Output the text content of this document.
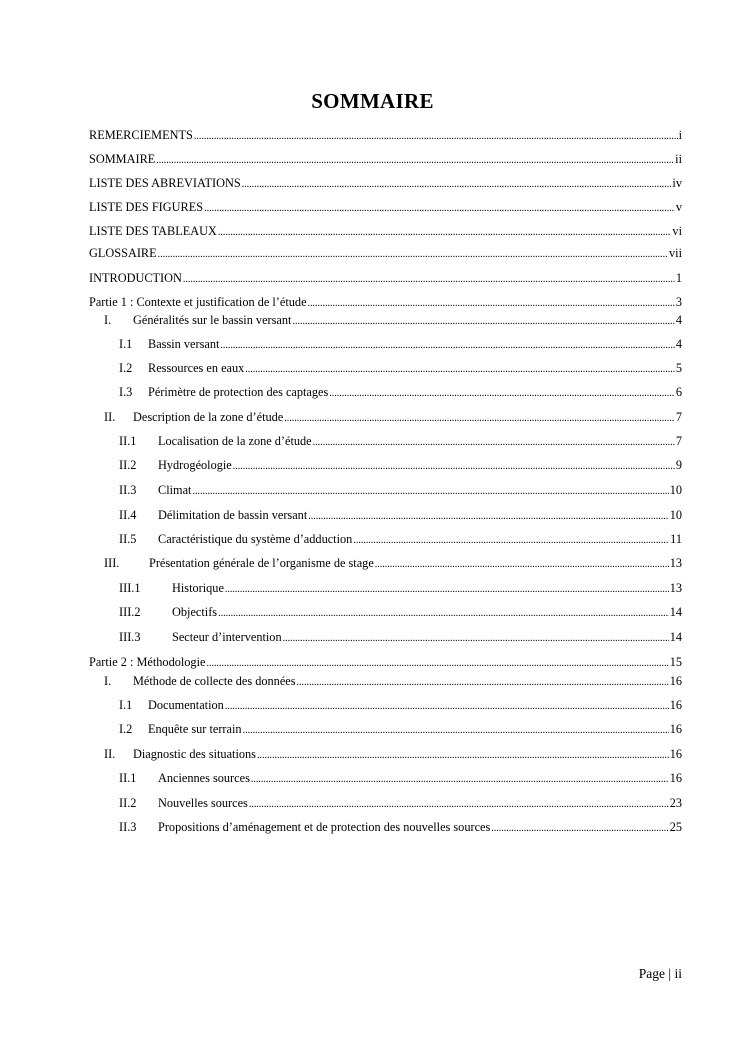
SOMMAIRE
REMERCIEMENTS .....	i
SOMMAIRE .....	ii
LISTE DES ABREVIATIONS .....	iv
LISTE DES FIGURES .....	v
LISTE DES TABLEAUX .....	vi
GLOSSAIRE .....	vii
INTRODUCTION .....	1
Partie 1 : Contexte et justification de l’étude .....	3
I.	Généralités sur le bassin versant .....	4
I.1	Bassin versant .....	4
I.2	Ressources en eaux .....	5
I.3	Périmètre de protection des captages .....	6
II.	Description de la zone d’étude .....	7
II.1	Localisation de la zone d’étude .....	7
II.2	Hydrogéologie .....	9
II.3	Climat .....	10
II.4	Délimitation de bassin versant .....	10
II.5	Caractéristique du système d’adduction .....	11
III.	Présentation générale de l’organisme de stage .....	13
III.1	Historique .....	13
III.2	Objectifs .....	14
III.3	Secteur d’intervention .....	14
Partie 2 : Méthodologie .....	15
I.	Méthode de collecte des données .....	16
I.1	Documentation .....	16
I.2	Enquête sur terrain .....	16
II.	Diagnostic des situations .....	16
II.1	Anciennes sources .....	16
II.2	Nouvelles sources .....	23
II.3	Propositions d’aménagement et de protection des nouvelles sources .....	25
Page | ii
